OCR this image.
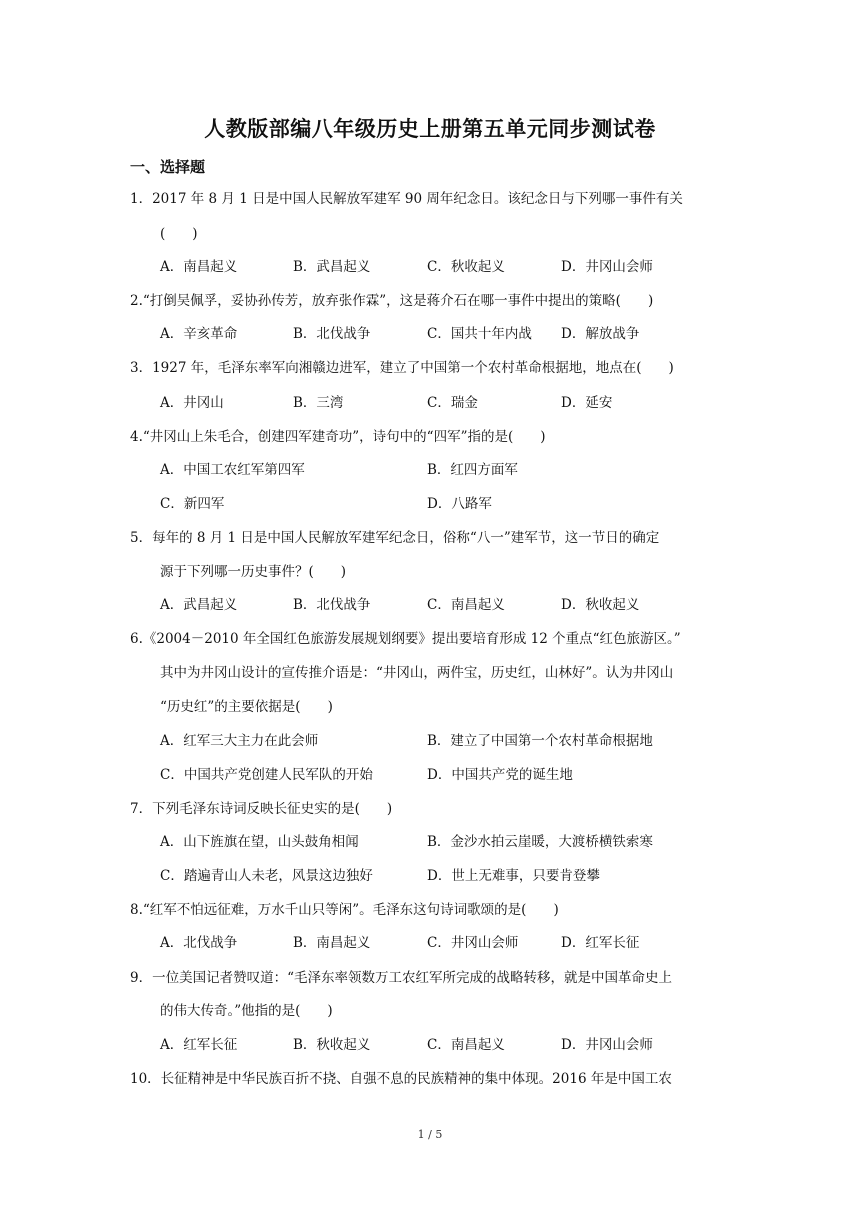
人教版部编八年级历史上册第五单元同步测试卷
一、选择题
1．2017 年 8 月 1 日是中国人民解放军建军 90 周年纪念日。该纪念日与下列哪一事件有关
(　　)
A．南昌起义	B．武昌起义	C．秋收起义	D．井冈山会师
2.“打倒吴佩孚，妥协孙传芳，放弃张作霖”，这是蒋介石在哪一事件中提出的策略(　　)
A．辛亥革命	B．北伐战争	C．国共十年内战 D．解放战争
3．1927 年，毛泽东率军向湘赣边进军，建立了中国第一个农村革命根据地，地点在(　　)
A．井冈山	B．三湾	C．瑞金	D．延安
4.“井冈山上朱毛合，创建四军建奇功”，诗句中的“四军”指的是(　　)
A．中国工农红军第四军	B．红四方面军
C．新四军	D．八路军
5．每年的 8 月 1 日是中国人民解放军建军纪念日，俗称“八一”建军节，这一节日的确定
源于下列哪一历史事件？(　　)
A．武昌起义	B．北伐战争	C．南昌起义	D．秋收起义
6.《2004－2010 年全国红色旅游发展规划纲要》提出要培育形成 12 个重点“红色旅游区。”
其中为井冈山设计的宣传推介语是：“井冈山，两件宝，历史红，山林好”。认为井冈山
“历史红”的主要依据是(　　)
A．红军三大主力在此会师	B．建立了中国第一个农村革命根据地
C．中国共产党创建人民军队的开始	D．中国共产党的诞生地
7．下列毛泽东诗词反映长征史实的是(　　)
A．山下旌旗在望，山头鼓角相闻	B．金沙水拍云崖暖，大渡桥横铁索寒
C．踏遍青山人未老，风景这边独好	D．世上无难事，只要肯登攀
8.“红军不怕远征难，万水千山只等闲”。毛泽东这句诗词歌颂的是(　　)
A．北伐战争	B．南昌起义	C．井冈山会师	D．红军长征
9．一位美国记者赞叹道：“毛泽东率领数万工农红军所完成的战略转移，就是中国革命史上
的伟大传奇。”他指的是(　　)
A．红军长征	B．秋收起义	C．南昌起义	D．井冈山会师
10．长征精神是中华民族百折不挠、自强不息的民族精神的集中体现。2016 年是中国工农
1 / 5
